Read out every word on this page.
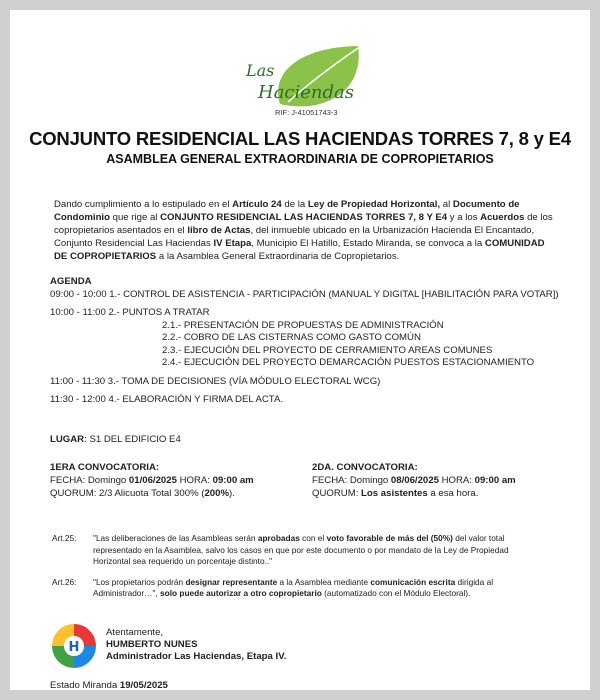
Las
Haciendas
RIF: J-41051743-3
CONJUNTO RESIDENCIAL LAS HACIENDAS TORRES 7, 8 y E4
ASAMBLEA GENERAL EXTRAORDINARIA DE COPROPIETARIOS
Dando cumplimiento a lo estipulado en el Artículo 24 de la Ley de Propiedad Horizontal, al Documento de Condominio que rige al CONJUNTO RESIDENCIAL LAS HACIENDAS TORRES 7, 8 Y E4 y a los Acuerdos de los copropietarios asentados en el libro de Actas, del inmueble ubicado en la Urbanización Hacienda El Encantado, Conjunto Residencial Las Haciendas IV Etapa, Municipio El Hatillo, Estado Miranda, se convoca a la COMUNIDAD DE COPROPIETARIOS a la Asamblea General Extraordinaria de Copropietarios.
AGENDA
09:00 - 10:00 1.- CONTROL DE ASISTENCIA - PARTICIPACIÓN (MANUAL Y DIGITAL [HABILITACIÓN PARA VOTAR])
10:00 - 11:00 2.- PUNTOS A TRATAR
2.1.- PRESENTACIÓN DE PROPUESTAS DE ADMINISTRACIÓN
2.2.- COBRO DE LAS CISTERNAS COMO GASTO COMÚN
2.3.- EJECUCIÓN DEL PROYECTO DE CERRAMIENTO AREAS COMUNES
2.4.- EJECUCIÓN DEL PROYECTO DEMARCACIÓN PUESTOS ESTACIONAMIENTO
11:00 - 11:30 3.- TOMA DE DECISIONES (VÍA MÓDULO ELECTORAL WCG)
11:30 - 12:00 4.- ELABORACIÓN Y FIRMA DEL ACTA.
LUGAR: S1 DEL EDIFICIO E4
1ERA CONVOCATORIA:
FECHA: Domingo 01/06/2025 HORA: 09:00 am
QUORUM: 2/3 Alicuota Total 300% (200%).
2DA. CONVOCATORIA:
FECHA: Domingo 08/06/2025 HORA: 09:00 am
QUORUM: Los asistentes a esa hora.
Art.25:	"Las deliberaciones de las Asambleas serán aprobadas con el voto favorable de más del (50%) del valor total representado en la Asamblea, salvo los casos en que por este documento o por mandato de la Ley de Propiedad Horizontal sea requerido un porcentaje distinto.."
Art.26:	"Los propietarios podrán designar representante a la Asamblea mediante comunicación escrita dirigida al Administrador…", solo puede autorizar a otro copropietario (automatizado con el Módulo Electoral).
H
Atentamente,
HUMBERTO NUNES
Administrador Las Haciendas, Etapa IV.
Estado Miranda 19/05/2025
